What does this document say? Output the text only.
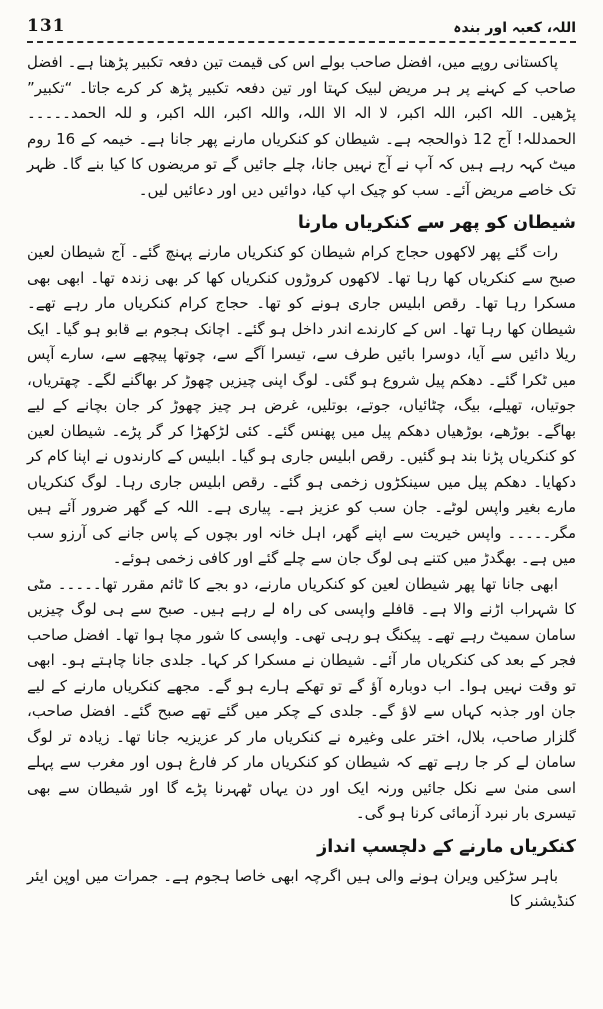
131	اللہ، کعبہ اور بندہ

پاکستانی روپے میں، افضل صاحب بولے اس کی قیمت تین دفعہ تکبیر پڑھنا ہے۔ افضل صاحب کے کہنے پر ہر مریض لبیک کہتا اور تین دفعہ تکبیر پڑھ کر کرے جاتا۔ “تکبیر” پڑھیں۔ اللہ اکبر، اللہ اکبر، لا الہ الا اللہ، واللہ اکبر، اللہ اکبر، و للہ الحمد۔۔۔۔۔الحمدللہ! آج 12 ذوالحجہ ہے۔ شیطان کو کنکریاں مارنے پھر جانا ہے۔ خیمہ کے 16 روم میٹ کہہ رہے ہیں کہ آپ نے آج نہیں جانا، چلے جائیں گے تو مریضوں کا کیا بنے گا۔ ظہر تک خاصے مریض آئے۔ سب کو چیک اپ کیا، دوائیں دیں اور دعائیں لیں۔

شیطان کو پھر سے کنکریاں مارنا

رات گئے پھر لاکھوں حجاج کرام شیطان کو کنکریاں مارنے پہنچ گئے۔ آج شیطان لعین صبح سے کنکریاں کھا رہا تھا۔ لاکھوں کروڑوں کنکریاں کھا کر بھی زندہ تھا۔ ابھی بھی مسکرا رہا تھا۔ رقص ابلیس جاری ہونے کو تھا۔ حجاج کرام کنکریاں مار رہے تھے۔ شیطان کھا رہا تھا۔ اس کے کارندے اندر داخل ہو گئے۔ اچانک ہجوم بے قابو ہو گیا۔ ایک ریلا دائیں سے آیا، دوسرا بائیں طرف سے، تیسرا آگے سے، چوتھا پیچھے سے، سارے آپس میں ٹکرا گئے۔ دھکم پیل شروع ہو گئی۔ لوگ اپنی چیزیں چھوڑ کر بھاگنے لگے۔ چھتریاں، جوتیاں، تھیلے، بیگ، چٹائیاں، جوتے، بوتلیں، غرض ہر چیز چھوڑ کر جان بچانے کے لیے بھاگے۔ بوڑھے، بوڑھیاں دھکم پیل میں پھنس گئے۔ کئی لڑکھڑا کر گر پڑے۔ شیطان لعین کو کنکریاں پڑنا بند ہو گئیں۔ رقص ابلیس جاری ہو گیا۔ ابلیس کے کارندوں نے اپنا کام کر دکھایا۔ دھکم پیل میں سینکڑوں زخمی ہو گئے۔ رقص ابلیس جاری رہا۔ لوگ کنکریاں مارے بغیر واپس لوٹے۔ جان سب کو عزیز ہے۔ پیاری ہے۔ اللہ کے گھر ضرور آئے ہیں مگر۔۔۔۔۔ واپس خیریت سے اپنے گھر، اہل خانہ اور بچوں کے پاس جانے کی آرزو سب میں ہے۔ بھگدڑ میں کتنے ہی لوگ جان سے چلے گئے اور کافی زخمی ہوئے۔

ابھی جانا تھا پھر شیطان لعین کو کنکریاں مارنے، دو بجے کا ٹائم مقرر تھا۔۔۔۔۔ مٹی کا شہراب اڑنے والا ہے۔ قافلے واپسی کی راہ لے رہے ہیں۔ صبح سے ہی لوگ چیزیں سامان سمیٹ رہے تھے۔ پیکنگ ہو رہی تھی۔ واپسی کا شور مچا ہوا تھا۔ افضل صاحب فجر کے بعد کی کنکریاں مار آئے۔ شیطان نے مسکرا کر کہا۔ جلدی جانا چاہتے ہو۔ ابھی تو وقت نہیں ہوا۔ اب دوبارہ آؤ گے تو تھکے ہارے ہو گے۔ مجھے کنکریاں مارنے کے لیے جان اور جذبہ کہاں سے لاؤ گے۔ جلدی کے چکر میں گئے تھے صبح گئے۔ افضل صاحب، گلزار صاحب، بلال، اختر علی وغیرہ نے کنکریاں مار کر عزیزیہ جانا تھا۔ زیادہ تر لوگ سامان لے کر جا رہے تھے کہ شیطان کو کنکریاں مار کر فارغ ہوں اور مغرب سے پہلے اسی منیٰ سے نکل جائیں ورنہ ایک اور دن یہاں ٹھہرنا پڑے گا اور شیطان سے بھی تیسری بار نبرد آزمائی کرنا ہو گی۔

کنکریاں مارنے کے دلچسپ انداز

باہر سڑکیں ویران ہونے والی ہیں اگرچہ ابھی خاصا ہجوم ہے۔ جمرات میں اوپن ایئر کنڈیشنر کا
